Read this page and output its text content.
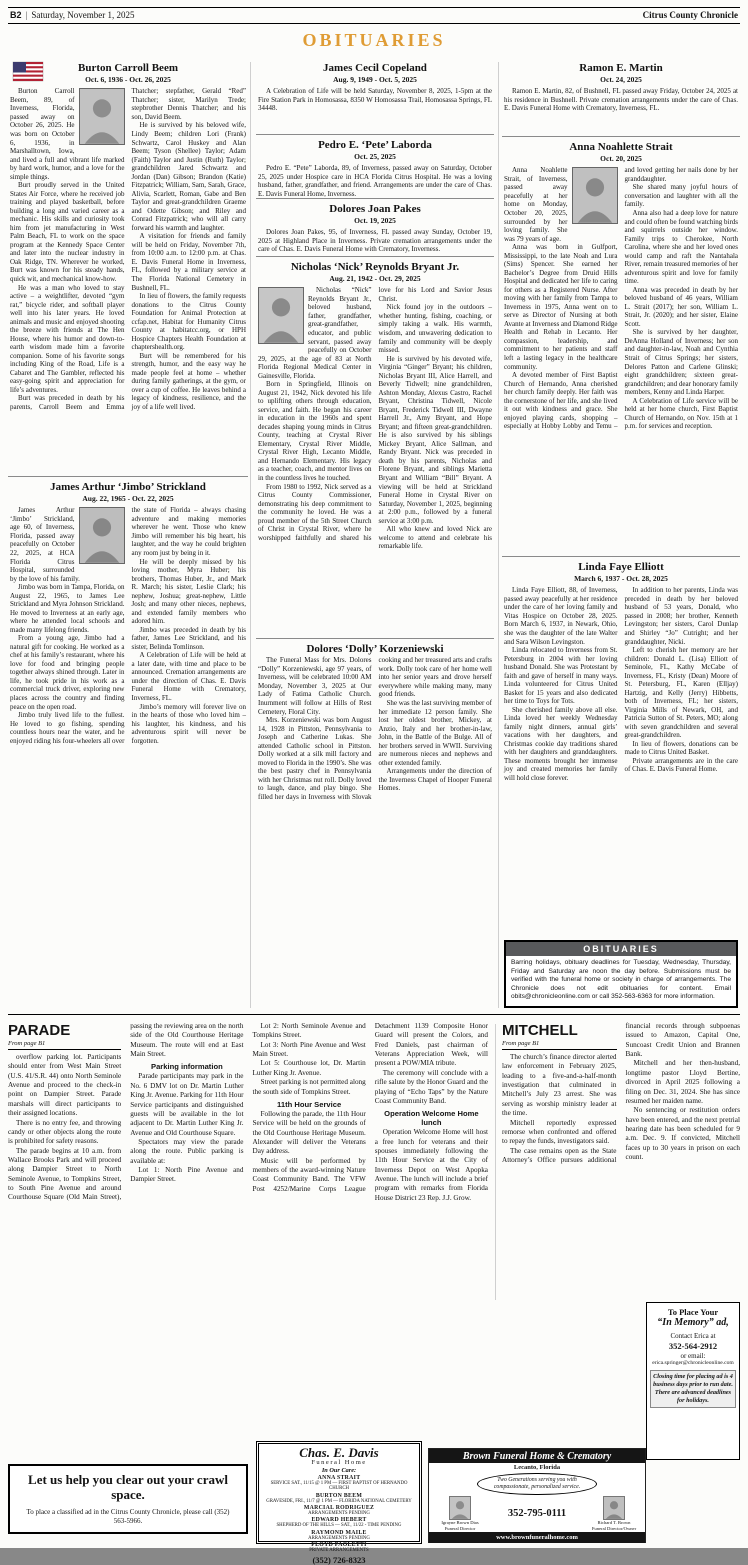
B2 | Saturday, November 1, 2025	Citrus County Chronicle
OBITUARIES
Burton Carroll Beem
Oct. 6, 1936 - Oct. 26, 2025

Burton Carroll Beem, 89, of Inverness, Florida, passed away on October 26, 2025. He was born on October 6, 1936, in Marshalltown, Iowa, and lived a full and vibrant life marked by hard work, humor, and a love for the simple things.

Burt proudly served in the United States Air Force, where he received job training and played basketball, before building a long and varied career as a mechanic. His skills and curiosity took him from jet manufacturing in West Palm Beach, FL to work on the space program at the Kennedy Space Center and later into the nuclear industry in Oak Ridge, TN. Wherever he worked, Burt was known for his steady hands, quick wit, and mechanical know-how.

He was a man who loved to stay active – a weightlifter, devoted “gym rat,” bicycle rider, and softball player well into his later years. He loved animals and music and enjoyed shooting the breeze with friends at The Hen House, where his humor and down-to-earth wisdom made him a favorite companion. Some of his favorite songs including King of the Road, Life is a Cabaret and The Gambler, reflected his easy-going spirit and appreciation for life’s adventures.

Burt was preceded in death by his parents, Carroll Beem and Emma Thatcher; stepfather, Gerald “Red” Thatcher; sister, Marilyn Trede; stepbrother Dennis Thatcher; and his son, David Beem.

He is survived by his beloved wife, Lindy Beem; children Lori (Frank) Schwartz, Carol Huskey and Alan Beem; Tyson (Shellee) Taylor; Adam (Faith) Taylor and Justin (Ruth) Taylor; grandchildren Jared Schwartz and Jordan (Dan) Gibson; Brandon (Katie) Fitzpatrick; William, Sam, Sarah, Grace, Alivia, Scarlett, Roman, Gabe and Ben Taylor and great-grandchildren Graeme and Odette Gibson; and Riley and Conrad Fitzpatrick; who will all carry forward his warmth and laughter.

A visitation for friends and family will be held on Friday, November 7th, from 10:00 a.m. to 12:00 p.m. at Chas. E. Davis Funeral Home in Inverness, FL, followed by a military service at The Florida National Cemetery in Bushnell, FL.

In lieu of flowers, the family requests donations to the Citrus County Foundation for Animal Protection at ccfap.net, Habitat for Humanity Citrus County at habitatcc.org, or HPH Hospice Chapters Health Foundation at chaptershealth.org.

Burt will be remembered for his strength, humor, and the easy way he made people feel at home – whether during family gatherings, at the gym, or over a cup of coffee. He leaves behind a legacy of kindness, resilience, and the joy of a life well lived.

James Arthur ‘Jimbo’ Strickland
Aug. 22, 1965 - Oct. 22, 2025

James Arthur ‘Jimbo’ Strickland, age 60, of Inverness, Florida, passed away peacefully on October 22, 2025, at HCA Florida Citrus Hospital, surrounded by the love of his family.

Jimbo was born in Tampa, Florida, on August 22, 1965, to James Lee Strickland and Myra Johnson Strickland. He moved to Inverness at an early age, where he attended local schools and made many lifelong friends.

From a young age, Jimbo had a natural gift for cooking. He worked as a chef at his family’s restaurant, where his love for food and bringing people together always shined through. Later in life, he took pride in his work as a commercial truck driver, exploring new places across the country and finding peace on the open road.

Jimbo truly lived life to the fullest. He loved to go fishing, spending countless hours near the water, and he enjoyed riding his four-wheelers all over the state of Florida – always chasing adventure and making memories wherever he went. Those who knew Jimbo will remember his big heart, his laughter, and the way he could brighten any room just by being in it.

He will be deeply missed by his loving mother, Myra Huber; his brothers, Thomas Huber, Jr., and Mark R. March; his sister, Leslie Clark; his nephew, Joshua; great-nephew, Little Josh; and many other nieces, nephews, and extended family members who adored him.

Jimbo was preceded in death by his father, James Lee Strickland, and his sister, Belinda Tomlinson.

A Celebration of Life will be held at a later date, with time and place to be announced. Cremation arrangements are under the direction of Chas. E. Davis Funeral Home with Crematory, Inverness, FL.

Jimbo’s memory will forever live on in the hearts of those who loved him – his laughter, his kindness, and his adventurous spirit will never be forgotten.

James Cecil Copeland
Aug. 9, 1949 - Oct. 5, 2025

A Celebration of Life will be held Saturday, November 8, 2025, 1-5pm at the Fire Station Park in Homosassa, 8350 W Homosassa Trail, Homosassa Springs, FL 34448.

Pedro E. ‘Pete’ Laborda
Oct. 25, 2025

Pedro E. “Pete” Laborda, 89, of Inverness, passed away on Saturday, October 25, 2025 under Hospice care in HCA Florida Citrus Hospital. He was a loving husband, father, grandfather, and friend. Arrangements are under the care of Chas. E. Davis Funeral Home, Inverness.

Dolores Joan Pakes
Oct. 19, 2025

Dolores Joan Pakes, 95, of Inverness, FL passed away Sunday, October 19, 2025 at Highland Place in Inverness. Private cremation arrangements under the care of Chas. E. Davis Funeral Home with Crematory, Inverness.

Nicholas ‘Nick’ Reynolds Bryant Jr.
Aug. 21, 1942 - Oct. 29, 2025

Nicholas “Nick” Reynolds Bryant Jr., beloved husband, father, grandfather, great-grandfather, educator, and public servant, passed away peacefully on October 29, 2025, at the age of 83 at North Florida Regional Medical Center in Gainesville, Florida.

Born in Springfield, Illinois on August 21, 1942, Nick devoted his life to uplifting others through education, service, and faith. He began his career in education in the 1960s and spent decades shaping young minds in Citrus County, teaching at Crystal River Elementary, Crystal River Middle, Crystal River High, Lecanto Middle, and Hernando Elementary. His legacy as a teacher, coach, and mentor lives on in the countless lives he touched.

From 1980 to 1992, Nick served as a Citrus County Commissioner, demonstrating his deep commitment to the community he loved. He was a proud member of the 5th Street Church of Christ in Crystal River, where he worshipped faithfully and shared his love for his Lord and Savior Jesus Christ.

Nick found joy in the outdoors – whether hunting, fishing, coaching, or simply taking a walk. His warmth, wisdom, and unwavering dedication to family and community will be deeply missed.

He is survived by his devoted wife, Virginia “Ginger” Bryant; his children, Nicholas Bryant III, Alice Harrell, and Beverly Tidwell; nine grandchildren, Ashton Monday, Alexus Castro, Rachel Bryant, Christina Tidwell, Nicole Bryant, Frederick Tidwell III, Dwayne Harrell Jr., Amy Bryant, and Hope Bryant; and fifteen great-grandchildren. He is also survived by his siblings Mickey Bryant, Alice Sallman, and Randy Bryant. Nick was preceded in death by his parents, Nicholas and Florene Bryant, and siblings Marietta Bryant and William “Bill” Bryant. A viewing will be held at Strickland Funeral Home in Crystal River on Saturday, November 1, 2025, beginning at 2:00 p.m., followed by a funeral service at 3:00 p.m.

All who knew and loved Nick are welcome to attend and celebrate his remarkable life.

Dolores ‘Dolly’ Korzeniewski

The Funeral Mass for Mrs. Dolores “Dolly” Korzeniewski, age 97 years, of Inverness, will be celebrated 10:00 AM Monday, November 3, 2025 at Our Lady of Fatima Catholic Church. Inurnment will follow at Hills of Rest Cemetery, Floral City.

Mrs. Korzeniewski was born August 14, 1928 in Pittston, Pennsylvania to Joseph and Catherine Lukas. She attended Catholic school in Pittston. Dolly worked at a silk mill factory and moved to Florida in the 1990’s. She was the best pastry chef in Pennsylvania with her Christmas nut roll. Dolly loved to laugh, dance, and play bingo. She filled her days in Inverness with Slovak cooking and her treasured arts and crafts work. Dolly took care of her home well into her senior years and drove herself everywhere while making many, many good friends.

She was the last surviving member of her immediate 12 person family. She lost her oldest brother, Mickey, at Anzio, Italy and her brother-in-law, John, in the Battle of the Bulge. All of her brothers served in WWII. Surviving are numerous nieces and nephews and other extended family.

Arrangements under the direction of the Inverness Chapel of Hooper Funeral Homes.

Ramon E. Martin
Oct. 24, 2025

Ramon E. Martin, 82, of Bushnell, FL passed away Friday, October 24, 2025 at his residence in Bushnell. Private cremation arrangements under the care of Chas. E. Davis Funeral Home with Crematory, Inverness, FL.

Anna Noahlette Strait
Oct. 20, 2025

Anna Noahlette Strait, of Inverness, passed away peacefully at her home on Monday, October 20, 2025, surrounded by her loving family. She was 79 years of age.

Anna was born in Gulfport, Mississippi, to the late Noah and Lura (Sims) Spencer. She earned her Bachelor’s Degree from Druid Hills Hospital and dedicated her life to caring for others as a Registered Nurse. After moving with her family from Tampa to Inverness in 1975, Anna went on to serve as Director of Nursing at both Avante at Inverness and Diamond Ridge Health and Rehab in Lecanto. Her compassion, leadership, and commitment to her patients and staff left a lasting legacy in the healthcare community.

A devoted member of First Baptist Church of Hernando, Anna cherished her church family deeply. Her faith was the cornerstone of her life, and she lived it out with kindness and grace. She enjoyed playing cards, shopping – especially at Hobby Lobby and Temu – and loved getting her nails done by her granddaughter.

She shared many joyful hours of conversation and laughter with all the family.

Anna also had a deep love for nature and could often be found watching birds and squirrels outside her window. Family trips to Cherokee, North Carolina, where she and her loved ones would camp and raft the Nantahala River, remain treasured memories of her adventurous spirit and love for family time.

Anna was preceded in death by her beloved husband of 46 years, William L. Strait (2017); her son, William L. Strait, Jr. (2020); and her sister, Elaine Scott.

She is survived by her daughter, DeAnna Holland of Inverness; her son and daughter-in-law, Noah and Cynthia Strait of Citrus Springs; her sisters, Delores Patton and Carlene Glinski; eight grandchildren; sixteen great-grandchildren; and dear honorary family members, Kenny and Linda Harper.

A Celebration of Life service will be held at her home church, First Baptist Church of Hernando, on Nov. 15th at 1 p.m. for services and reception.

Linda Faye Elliott
March 6, 1937 - Oct. 28, 2025

Linda Faye Elliott, 88, of Inverness, passed away peacefully at her residence under the care of her loving family and Vitas Hospice on October 28, 2025. Born March 6, 1937, in Newark, Ohio, she was the daughter of the late Walter and Sara Wilson Levingston.

Linda relocated to Inverness from St. Petersburg in 2004 with her loving husband Donald. She was Protestant by faith and gave of herself in many ways. Linda volunteered for Citrus United Basket for 15 years and also dedicated her time to Toys for Tots.

She cherished family above all else. Linda loved her weekly Wednesday family night dinners, annual girls’ vacations with her daughters, and Christmas cookie day traditions shared with her daughters and granddaughters. These moments brought her immense joy and created memories her family will hold close forever.

In addition to her parents, Linda was preceded in death by her beloved husband of 53 years, Donald, who passed in 2008; her brother, Kenneth Levingston; her sisters, Carol Dunlap and Shirley “Jo” Cutright; and her granddaughter, Nicki.

Left to cherish her memory are her children: Donald L. (Lisa) Elliott of Seminole, FL, Kathy McCabe of Inverness, FL, Kristy (Dean) Moore of St. Petersburg, FL, Karen (Elljay) Hartzig, and Kelly (Jerry) Hibbetts, both of Inverness, FL; her sisters, Virginia Mills of Newark, OH, and Patricia Sutton of St. Peters, MO; along with seven grandchildren and several great-grandchildren.

In lieu of flowers, donations can be made to Citrus United Basket.

Private arrangements are in the care of Chas. E. Davis Funeral Home.

OBITUARIES

Barring holidays, obituary deadlines for Tuesday, Wednesday, Thursday, Friday and Saturday are noon the day before. Submissions must be verified with the funeral home or society in charge of arrangements. The Chronicle does not edit obituaries for content. Email obits@chronicleonline.com or call 352-563-6363 for more information.

PARADE
From page B1

overflow parking lot. Participants should enter from West Main Street (U.S. 41/S.R. 44) onto North Seminole Avenue and proceed to the check-in point on Dampier Street. Parade marshals will direct participants to their assigned locations.

There is no entry fee, and throwing candy or other objects along the route is prohibited for safety reasons.

The parade begins at 10 a.m. from Wallace Brooks Park and will proceed along Dampier Street to North Seminole Avenue, to Tompkins Street, to South Pine Avenue and around Courthouse Square (Old Main Street), passing the reviewing area on the north side of the Old Courthouse Heritage Museum. The route will end at East Main Street.

Parking information

Parade participants may park in the No. 6 DMV lot on Dr. Martin Luther King Jr. Avenue. Parking for 11th Hour Service participants and distinguished guests will be available in the lot adjacent to Dr. Martin Luther King Jr. Avenue and Old Courthouse Square.

Spectators may view the parade along the route. Public parking is available at:

Lot 1: North Pine Avenue and Dampier Street.

Lot 2: North Seminole Avenue and Tompkins Street.

Lot 3: North Pine Avenue and West Main Street.

Lot 5: Courthouse lot, Dr. Martin Luther King Jr. Avenue.

Street parking is not permitted along the south side of Tompkins Street.

11th Hour Service

Following the parade, the 11th Hour Service will be held on the grounds of the Old Courthouse Heritage Museum. Alexander will deliver the Veterans Day address.

Music will be performed by members of the award-winning Nature Coast Community Band. The VFW Post 4252/Marine Corps League Detachment 1139 Composite Honor Guard will present the Colors, and Fred Daniels, past chairman of Veterans Appreciation Week, will present a POW/MIA tribute.

The ceremony will conclude with a rifle salute by the Honor Guard and the playing of “Echo Taps” by the Nature Coast Community Band.

Operation Welcome Home lunch

Operation Welcome Home will host a free lunch for veterans and their spouses immediately following the 11th Hour Service at the City of Inverness Depot on West Apopka Avenue. The lunch will include a brief program with remarks from Florida House District 23 Rep. J.J. Grow.

MITCHELL
From page B1

The church’s finance director alerted law enforcement in February 2025, leading to a five-and-a-half-month investigation that culminated in Mitchell’s July 23 arrest. She was serving as worship ministry leader at the time.

Mitchell reportedly expressed remorse when confronted and offered to repay the funds, investigators said.

The case remains open as the State Attorney’s Office pursues additional financial records through subpoenas issued to Amazon, Capital One, Suncoast Credit Union and Brannen Bank.

Mitchell and her then-husband, longtime pastor Lloyd Bertine, divorced in April 2025 following a filing on Dec. 31, 2024. She has since resumed her maiden name.

No sentencing or restitution orders have been entered, and the next pretrial hearing date has been scheduled for 9 a.m. Dec. 9. If convicted, Mitchell faces up to 30 years in prison on each count.

To Place Your
“In Memory” ad,
Contact Erica at
352-564-2912
or email:
erica.springer@chronicleonline.com
Closing time for placing ad is 4 business days prior to run date. There are advanced deadlines for holidays.
Let us help you clear out your crawl space.
To place a classified ad in the Citrus County Chronicle, please call (352) 563-5966.
Chas. E. Davis
Funeral Home
In Our Care:
ANNA STRAIT

SERVICE SAT., 11/15 @ 1 PM — FIRST BAPTIST OF HERNANDO CHURCH

BURTON BEEM

GRAVESIDE, FRI., 11/7 @ 1 PM — FLORIDA NATIONAL CEMETERY

MARCIAL RODRIGUEZ

ARRANGEMENTS PENDING

EDWARD HEBERT

SHEPHERD OF THE HILLS — SAT., 11/22 - TIME PENDING

RAYMOND MAILE

ARRANGEMENTS PENDING

FLOYD PAOLETTI

PRIVATE ARRANGEMENTS

(352) 726-8323
Brown Funeral Home & Crematory
Lecanto, Florida
Two Generations serving you with compassionate, personalized service.
Igrayne Brown Dias
Funeral Director
352-795-0111
Richard T. Brown
Funeral Director/Owner
www.brownfuneralhome.com
